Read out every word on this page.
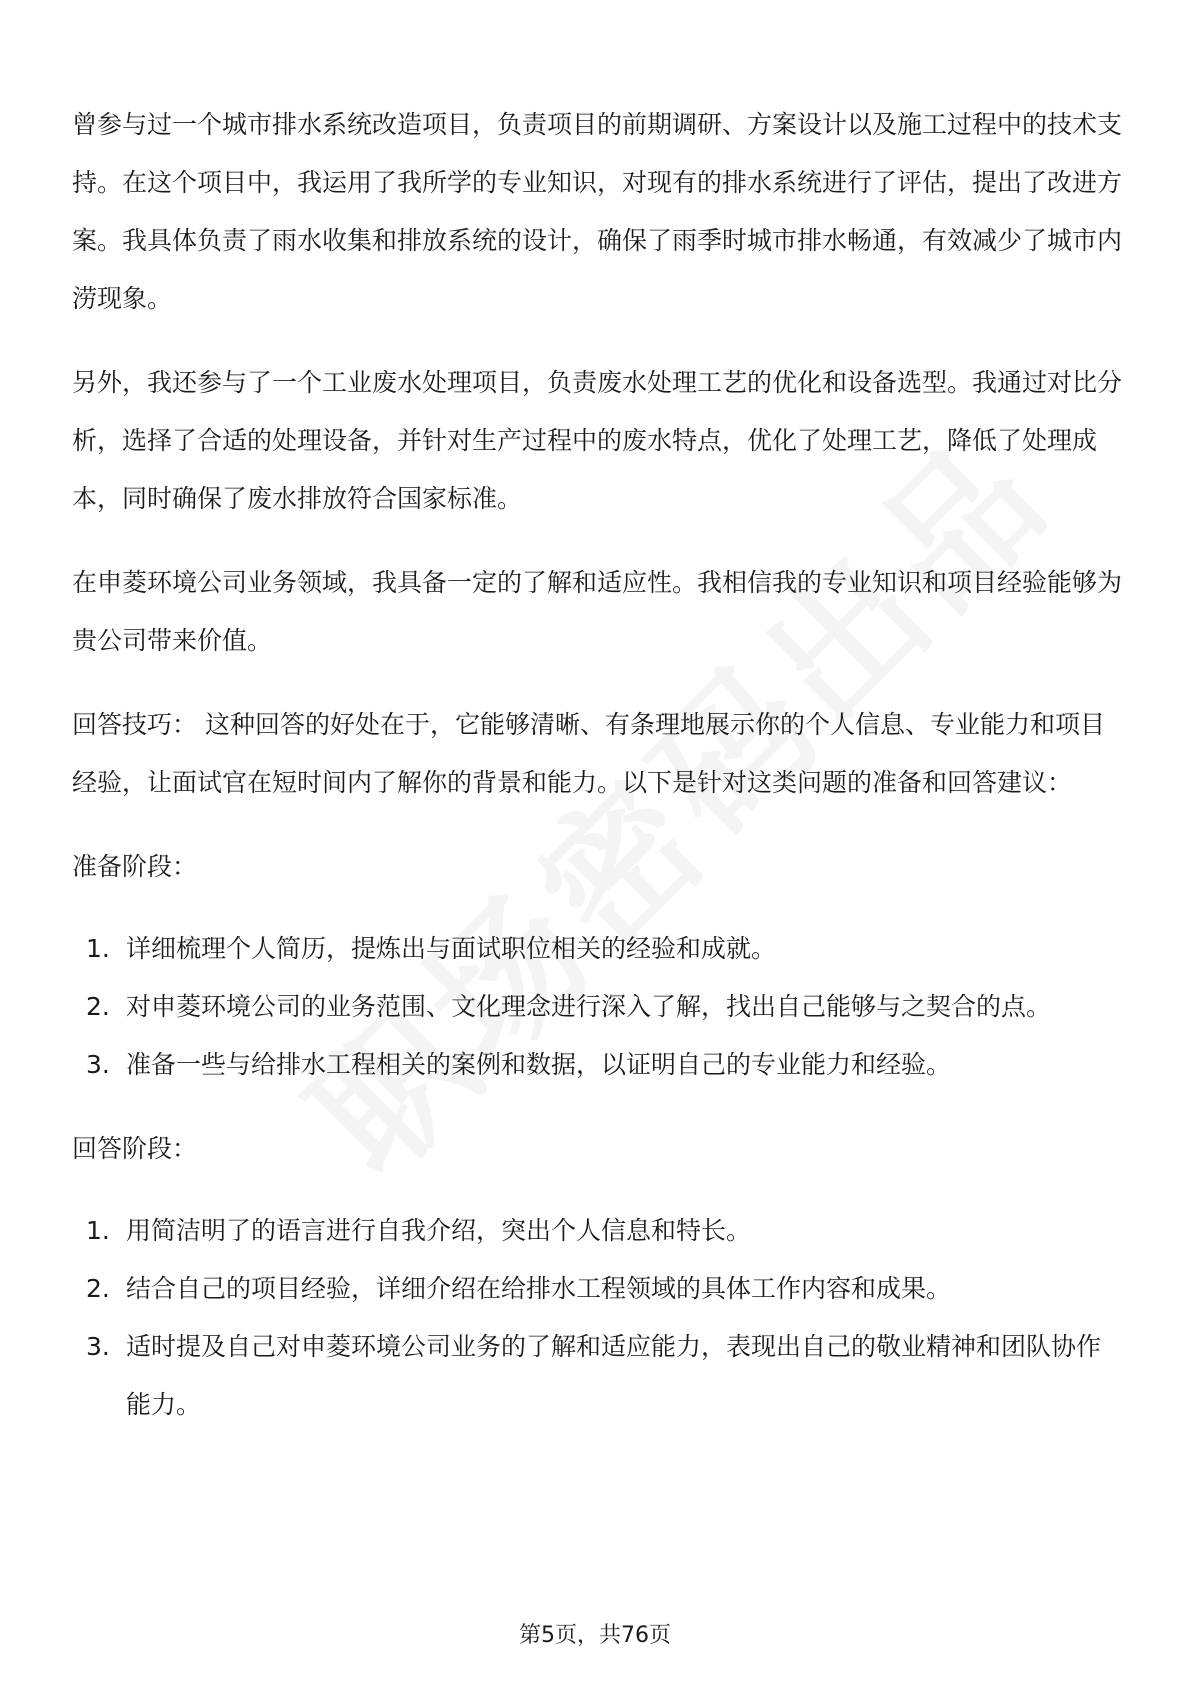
曾参与过一个城市排水系统改造项目，负责项目的前期调研、方案设计以及施工过程中的技术支持。在这个项目中，我运用了我所学的专业知识，对现有的排水系统进行了评估，提出了改进方案。我具体负责了雨水收集和排放系统的设计，确保了雨季时城市排水畅通，有效减少了城市内涝现象。

另外，我还参与了一个工业废水处理项目，负责废水处理工艺的优化和设备选型。我通过对比分析，选择了合适的处理设备，并针对生产过程中的废水特点，优化了处理工艺，降低了处理成本，同时确保了废水排放符合国家标准。

在申菱环境公司业务领域，我具备一定的了解和适应性。我相信我的专业知识和项目经验能够为贵公司带来价值。

回答技巧： 这种回答的好处在于，它能够清晰、有条理地展示你的个人信息、专业能力和项目经验，让面试官在短时间内了解你的背景和能力。以下是针对这类问题的准备和回答建议：

准备阶段：

1. 详细梳理个人简历，提炼出与面试职位相关的经验和成就。
2. 对申菱环境公司的业务范围、文化理念进行深入了解，找出自己能够与之契合的点。
3. 准备一些与给排水工程相关的案例和数据，以证明自己的专业能力和经验。

回答阶段：

1. 用简洁明了的语言进行自我介绍，突出个人信息和特长。
2. 结合自己的项目经验，详细介绍在给排水工程领域的具体工作内容和成果。
3. 适时提及自己对申菱环境公司业务的了解和适应能力，表现出自己的敬业精神和团队协作能力。
第5页，共76页
